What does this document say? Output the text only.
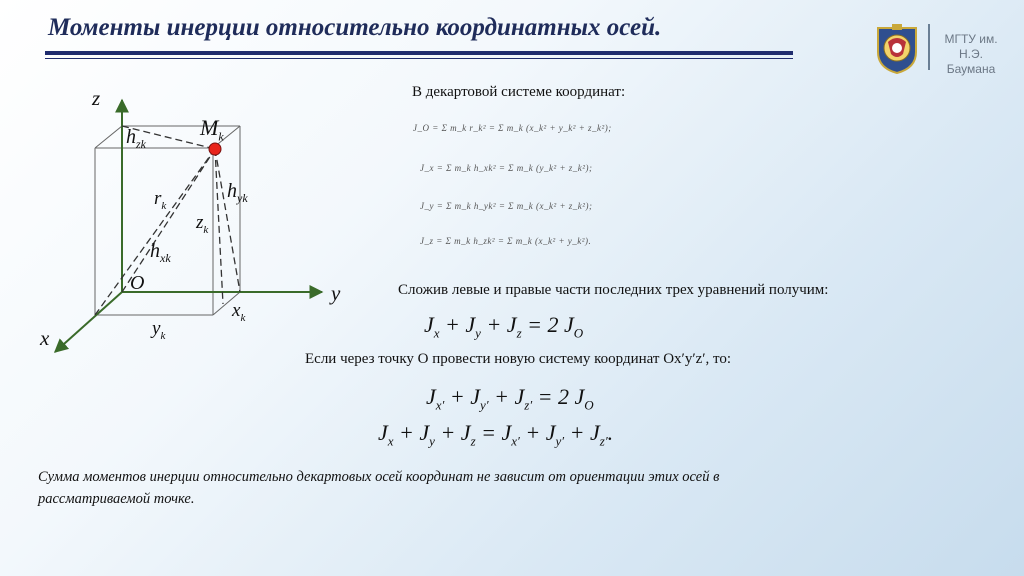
Моменты инерции относительно координатных осей.	МГТУ им. Н.Э.
Баумана
z
y
x
O
$M_k$
$h_{zk}$
$h_{yk}$
$h_{xk}$
$r_k$
$z_k$
$x_k$
$y_k$
В декартовой системе координат:
J_O = Σ m_k r_k² = Σ m_k (x_k² + y_k² + z_k²);
J_x = Σ m_k h_xk² = Σ m_k (y_k² + z_k²);
J_y = Σ m_k h_yk² = Σ m_k (x_k² + z_k²);
J_z = Σ m_k h_zk² = Σ m_k (x_k² + y_k²).
Сложив левые и правые части последних трех уравнений получим:
$J_x + J_y + J_z = 2$ $J_O$
Если через точку О провести новую систему координат Ox′y′z′, то:
$J_{x'} + J_{y'} + J_{z'} = 2$ $J_O$
$J_x + J_y + J_z = J_{x'} + J_{y'} + J_{z'}$.
Сумма моментов инерции относительно декартовых осей координат не зависит от ориентации этих осей в рассматриваемой точке.
